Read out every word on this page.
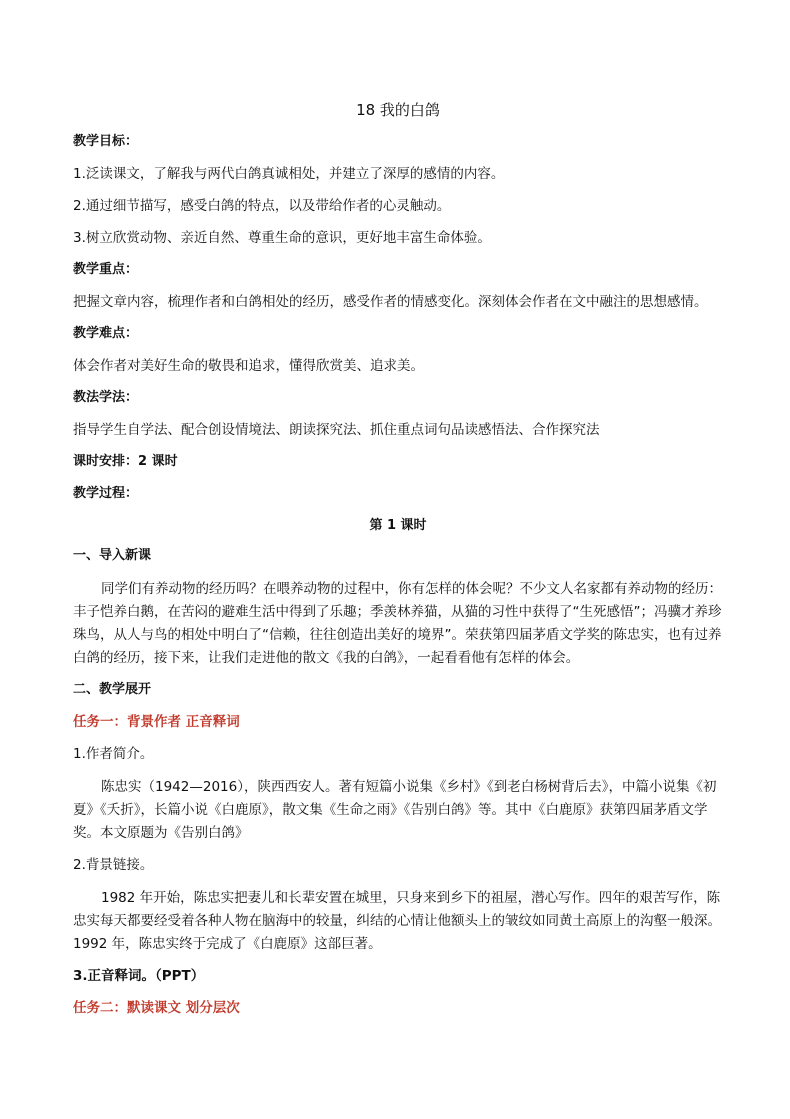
18 我的白鸽

教学目标：

1.泛读课文，了解我与两代白鸽真诚相处，并建立了深厚的感情的内容。

2.通过细节描写，感受白鸽的特点，以及带给作者的心灵触动。

3.树立欣赏动物、亲近自然、尊重生命的意识，更好地丰富生命体验。

教学重点：

把握文章内容，梳理作者和白鸽相处的经历，感受作者的情感变化。深刻体会作者在文中融注的思想感情。

教学难点：

体会作者对美好生命的敬畏和追求，懂得欣赏美、追求美。

教法学法：

指导学生自学法、配合创设情境法、朗读探究法、抓住重点词句品读感悟法、合作探究法

课时安排：2 课时

教学过程：

第 1 课时

一、导入新课

同学们有养动物的经历吗？在喂养动物的过程中，你有怎样的体会呢？不少文人名家都有养动物的经历：丰子恺养白鹅，在苦闷的避难生活中得到了乐趣；季羡林养猫，从猫的习性中获得了“生死感悟”；冯骥才养珍珠鸟，从人与鸟的相处中明白了“信赖，往往创造出美好的境界”。荣获第四届茅盾文学奖的陈忠实，也有过养白鸽的经历，接下来，让我们走进他的散文《我的白鸽》，一起看看他有怎样的体会。

二、教学展开

任务一：背景作者 正音释词

1.作者简介。

陈忠实（1942—2016），陕西西安人。著有短篇小说集《乡村》《到老白杨树背后去》，中篇小说集《初夏》《夭折》，长篇小说《白鹿原》，散文集《生命之雨》《告别白鸽》等。其中《白鹿原》获第四届茅盾文学奖。本文原题为《告别白鸽》

2.背景链接。

1982 年开始，陈忠实把妻儿和长辈安置在城里，只身来到乡下的祖屋，潜心写作。四年的艰苦写作，陈忠实每天都要经受着各种人物在脑海中的较量，纠结的心情让他额头上的皱纹如同黄土高原上的沟壑一般深。1992 年，陈忠实终于完成了《白鹿原》这部巨著。

3.正音释词。（PPT）

任务二：默读课文 划分层次
